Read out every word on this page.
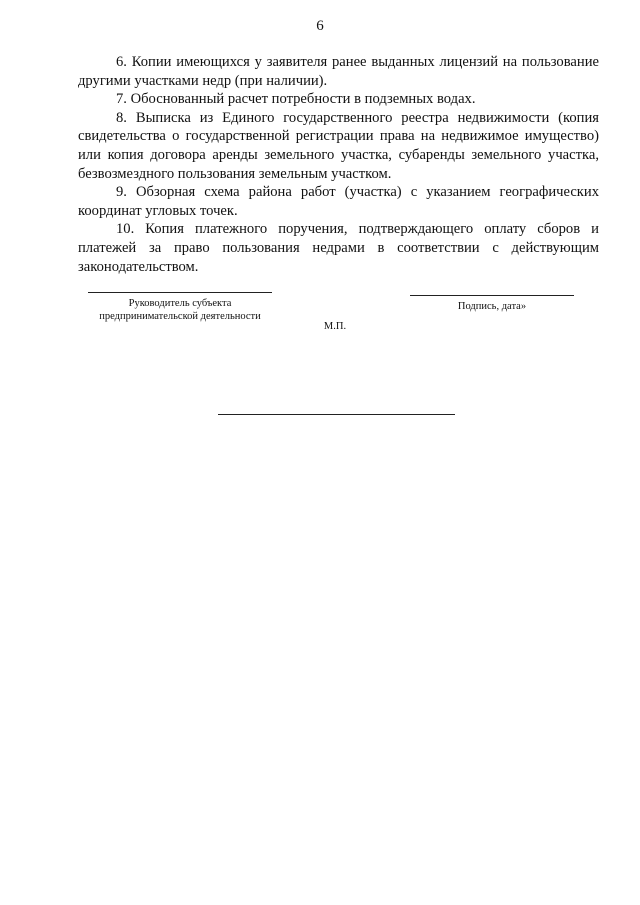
6

6. Копии имеющихся у заявителя ранее выданных лицензий на пользование другими участками недр (при наличии).

7. Обоснованный расчет потребности в подземных водах.

8. Выписка из Единого государственного реестра недвижимости (копия свидетельства о государственной регистрации права на недвижимое имущество) или копия договора аренды земельного участка, субаренды земельного участка, безвозмездного пользования земельным участком.

9. Обзорная схема района работ (участка) с указанием географических координат угловых точек.

10. Копия платежного поручения, подтверждающего оплату сборов и платежей за право пользования недрами в соответствии с действующим законодательством.

Руководитель субъекта предпринимательской деятельности
Подпись, дата»
М.П.
